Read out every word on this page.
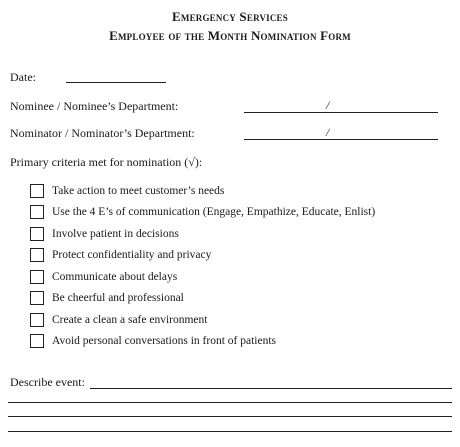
Emergency Services
Employee of the Month Nomination Form
Date:
Nominee / Nominee’s Department:	/
Nominator / Nominator’s Department:	/
Primary criteria met for nomination (√):
Take action to meet customer’s needs
Use the 4 E’s of communication (Engage, Empathize, Educate, Enlist)
Involve patient in decisions
Protect confidentiality and privacy
Communicate about delays
Be cheerful and professional
Create a clean a safe environment
Avoid personal conversations in front of patients
Describe event:
